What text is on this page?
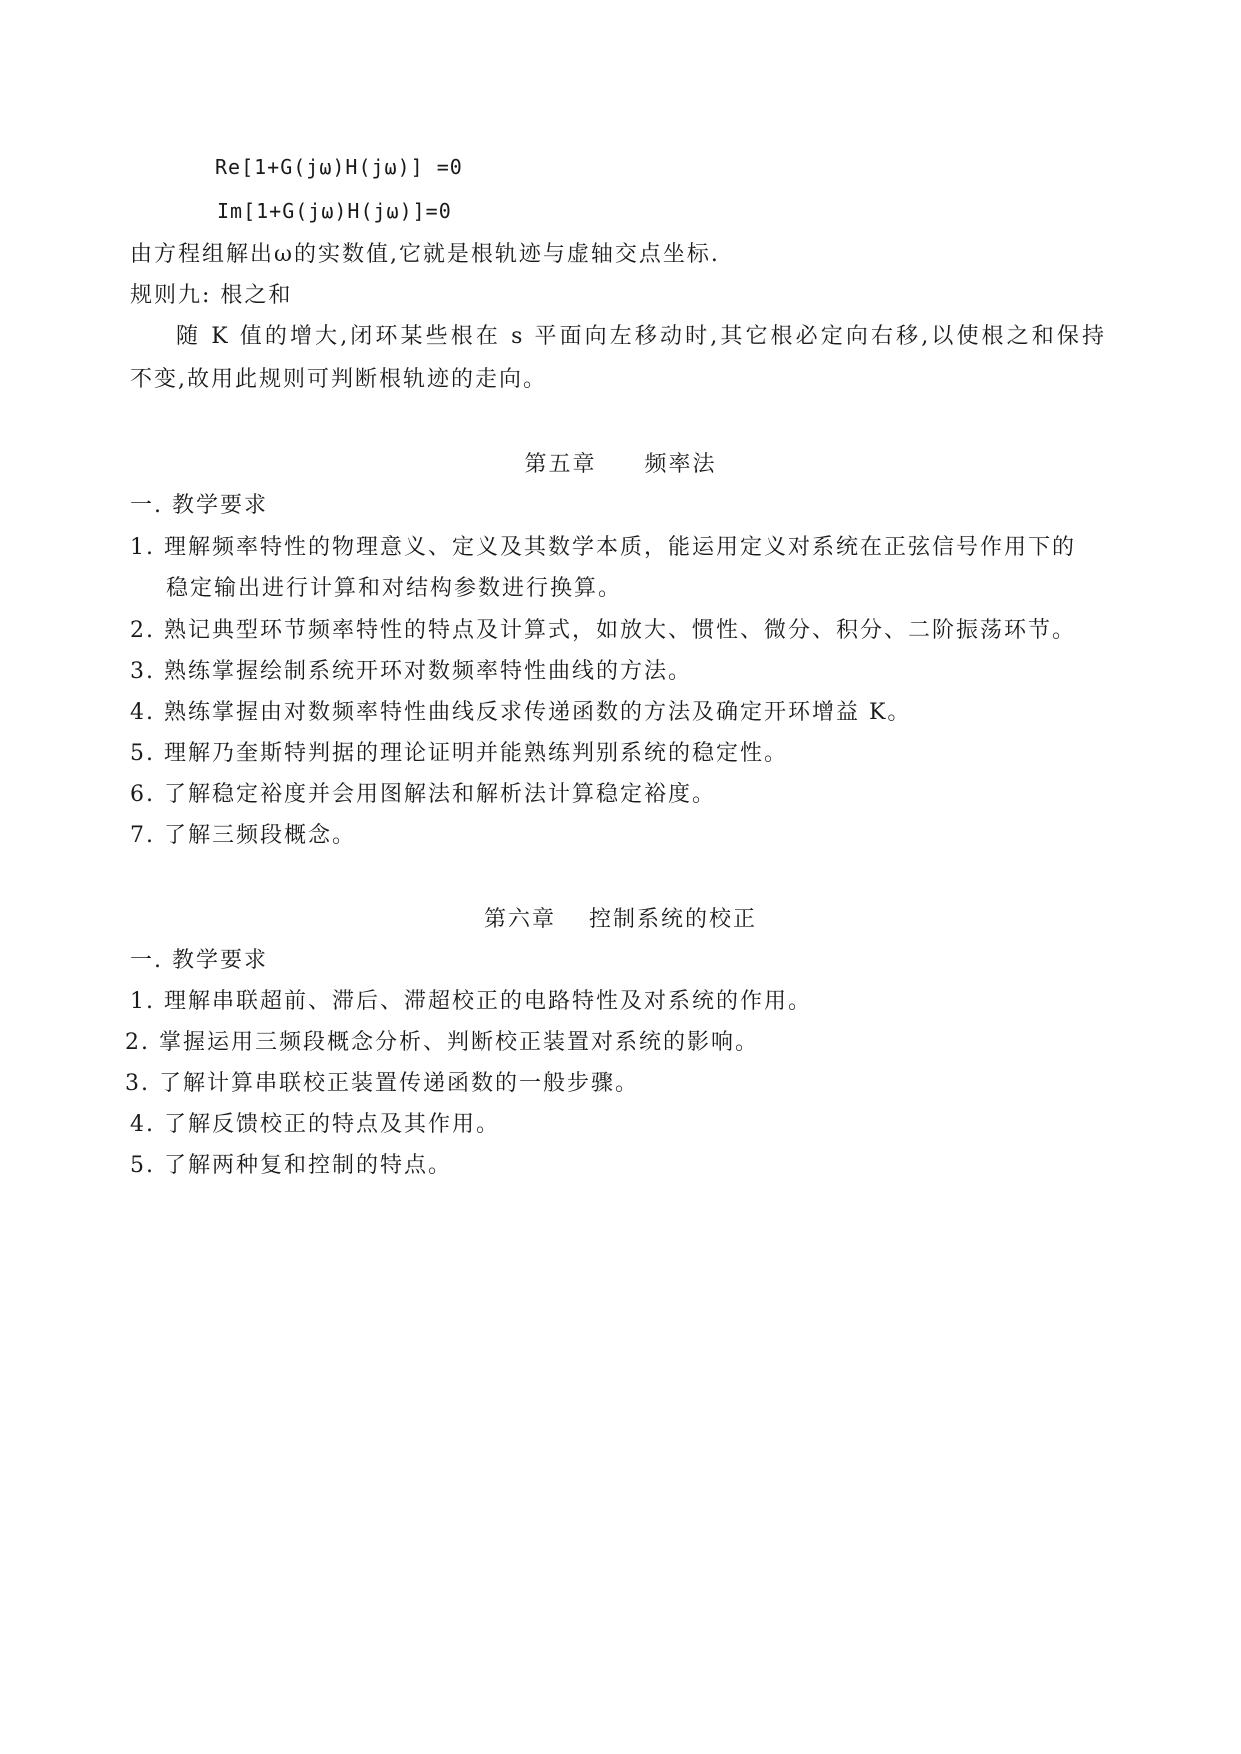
Re[1+G(jω)H(jω)] =0
Im[1+G(jω)H(jω)]=0
由方程组解出ω的实数值,它就是根轨迹与虚轴交点坐标.
规则九: 根之和
随 K 值的增大,闭环某些根在 s 平面向左移动时,其它根必定向右移,以使根之和保持
不变,故用此规则可判断根轨迹的走向。
第五章　　频率法
一. 教学要求
1. 理解频率特性的物理意义、定义及其数学本质，能运用定义对系统在正弦信号作用下的
稳定输出进行计算和对结构参数进行换算。
2. 熟记典型环节频率特性的特点及计算式，如放大、惯性、微分、积分、二阶振荡环节。
3. 熟练掌握绘制系统开环对数频率特性曲线的方法。
4. 熟练掌握由对数频率特性曲线反求传递函数的方法及确定开环增益 K。
5. 理解乃奎斯特判据的理论证明并能熟练判别系统的稳定性。
6. 了解稳定裕度并会用图解法和解析法计算稳定裕度。
7. 了解三频段概念。
第六章　 控制系统的校正
一. 教学要求
1. 理解串联超前、滞后、滞超校正的电路特性及对系统的作用。
2. 掌握运用三频段概念分析、判断校正装置对系统的影响。
3. 了解计算串联校正装置传递函数的一般步骤。
4. 了解反馈校正的特点及其作用。
5. 了解两种复和控制的特点。
